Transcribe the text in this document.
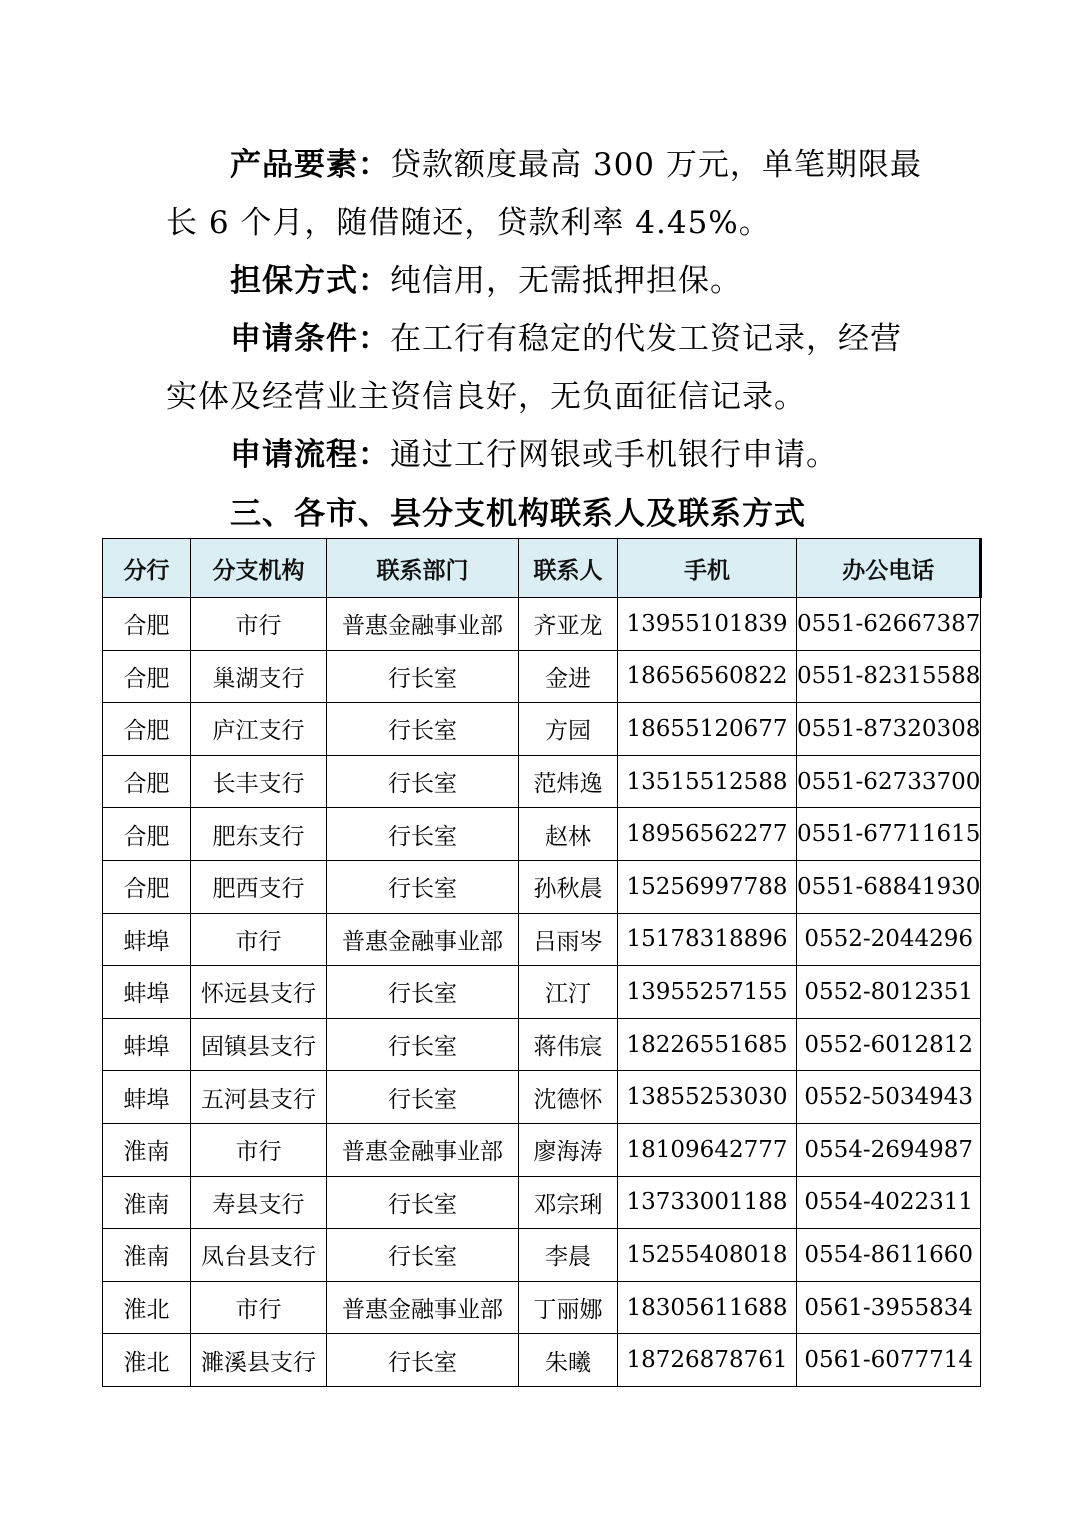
产品要素：贷款额度最高 300 万元，单笔期限最
长 6 个月，随借随还，贷款利率 4.45%。

担保方式：纯信用，无需抵押担保。

申请条件：在工行有稳定的代发工资记录，经营
实体及经营业主资信良好，无负面征信记录。

申请流程：通过工行网银或手机银行申请。

三、各市、县分支机构联系人及联系方式
分行	分支机构	联系部门	联系人	手机	办公电话
合肥	市行	普惠金融事业部	齐亚龙	13955101839	0551-62667387
合肥	巢湖支行	行长室	金进	18656560822	0551-82315588
合肥	庐江支行	行长室	方园	18655120677	0551-87320308
合肥	长丰支行	行长室	范炜逸	13515512588	0551-62733700
合肥	肥东支行	行长室	赵林	18956562277	0551-67711615
合肥	肥西支行	行长室	孙秋晨	15256997788	0551-68841930
蚌埠	市行	普惠金融事业部	吕雨岑	15178318896	0552-2044296
蚌埠	怀远县支行	行长室	江汀	13955257155	0552-8012351
蚌埠	固镇县支行	行长室	蒋伟宸	18226551685	0552-6012812
蚌埠	五河县支行	行长室	沈德怀	13855253030	0552-5034943
淮南	市行	普惠金融事业部	廖海涛	18109642777	0554-2694987
淮南	寿县支行	行长室	邓宗琍	13733001188	0554-4022311
淮南	凤台县支行	行长室	李晨	15255408018	0554-8611660
淮北	市行	普惠金融事业部	丁丽娜	18305611688	0561-3955834
淮北	濉溪县支行	行长室	朱曦	18726878761	0561-6077714
